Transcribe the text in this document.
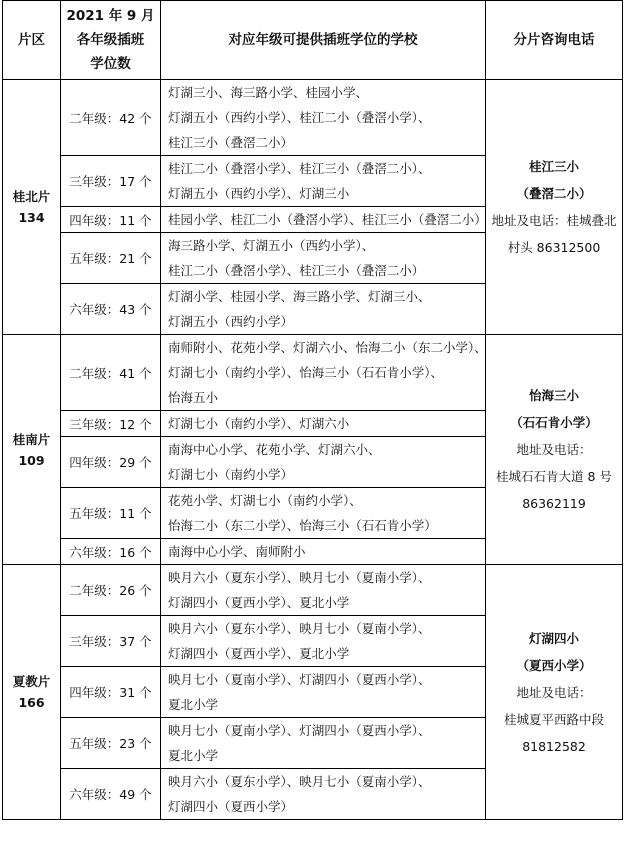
片区	2021 年 9 月
各年级插班
学位数	对应年级可提供插班学位的学校	分片咨询电话

桂北片
134	二年级：42 个	灯湖三小、海三路小学、桂园小学、
灯湖五小（西约小学）、桂江二小（叠滘小学）、
桂江三小（叠滘二小）	桂江三小
（叠滘二小）
地址及电话：桂城叠北村头 86312500

	三年级：17 个	桂江二小（叠滘小学）、桂江三小（叠滘二小）、
灯湖五小（西约小学）、灯湖三小	

	四年级：11 个	桂园小学、桂江二小（叠滘小学）、桂江三小（叠滘二小）	

	五年级：21 个	海三路小学、灯湖五小（西约小学）、
桂江二小（叠滘小学）、桂江三小（叠滘二小）	

	六年级：43 个	灯湖小学、桂园小学、海三路小学、灯湖三小、
灯湖五小（西约小学）	

桂南片
109	二年级：41 个	南师附小、花苑小学、灯湖六小、怡海二小（东二小学）、
灯湖七小（南约小学）、怡海三小（石石肯小学）、
怡海五小	怡海三小
（石石肯小学）
地址及电话：
桂城石石肯大道 8 号
86362119

	三年级：12 个	灯湖七小（南约小学）、灯湖六小	

	四年级：29 个	南海中心小学、花苑小学、灯湖六小、
灯湖七小（南约小学）	

	五年级：11 个	花苑小学、灯湖七小（南约小学）、
怡海二小（东二小学）、怡海三小（石石肯小学）	

	六年级：16 个	南海中心小学、南师附小	

夏教片
166	二年级：26 个	映月六小（夏东小学）、映月七小（夏南小学）、
灯湖四小（夏西小学）、夏北小学	灯湖四小
（夏西小学）
地址及电话：
桂城夏平西路中段
81812582

	三年级：37 个	映月六小（夏东小学）、映月七小（夏南小学）、
灯湖四小（夏西小学）、夏北小学	

	四年级：31 个	映月七小（夏南小学）、灯湖四小（夏西小学）、
夏北小学	

	五年级：23 个	映月七小（夏南小学）、灯湖四小（夏西小学）、
夏北小学	

	六年级：49 个	映月六小（夏东小学）、映月七小（夏南小学）、
灯湖四小（夏西小学）	
